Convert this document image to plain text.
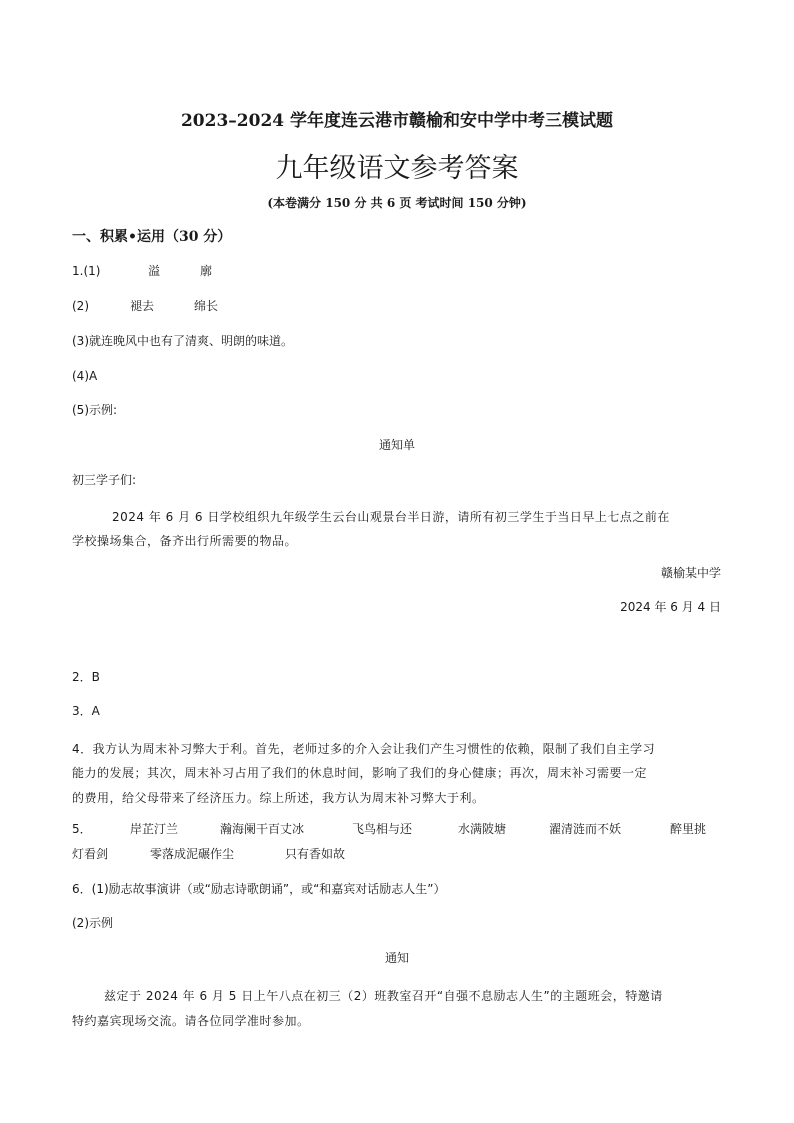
2023–2024 学年度连云港市赣榆和安中学中考三模试题
九年级语文参考答案
(本卷满分 150 分 共 6 页 考试时间 150 分钟)
一、积累•运用（30 分）
1.(1)	溢	廓
(2)	褪去	绵长
(3)就连晚风中也有了清爽、明朗的味道。
(4)A
(5)示例:
通知单
初三学子们:
2024 年 6 月 6 日学校组织九年级学生云台山观景台半日游，请所有初三学生于当日早上七点之前在
学校操场集合，备齐出行所需要的物品。
赣榆某中学
2024 年 6 月 4 日
2．B
3．A
4．我方认为周末补习弊大于利。首先，老师过多的介入会让我们产生习惯性的依赖，限制了我们自主学习
能力的发展；其次，周末补习占用了我们的休息时间，影响了我们的身心健康；再次，周末补习需要一定
的费用，给父母带来了经济压力。综上所述，我方认为周末补习弊大于利。
5．	岸芷汀兰	瀚海阑干百丈冰	飞鸟相与还	水满陂塘	濯清涟而不妖	醉里挑
灯看剑	零落成泥碾作尘	只有香如故
6．(1)励志故事演讲（或“励志诗歌朗诵”，或“和嘉宾对话励志人生”）
(2)示例
通知
兹定于 2024 年 6 月 5 日上午八点在初三（2）班教室召开“自强不息励志人生”的主题班会，特邀请
特约嘉宾现场交流。请各位同学准时参加。
